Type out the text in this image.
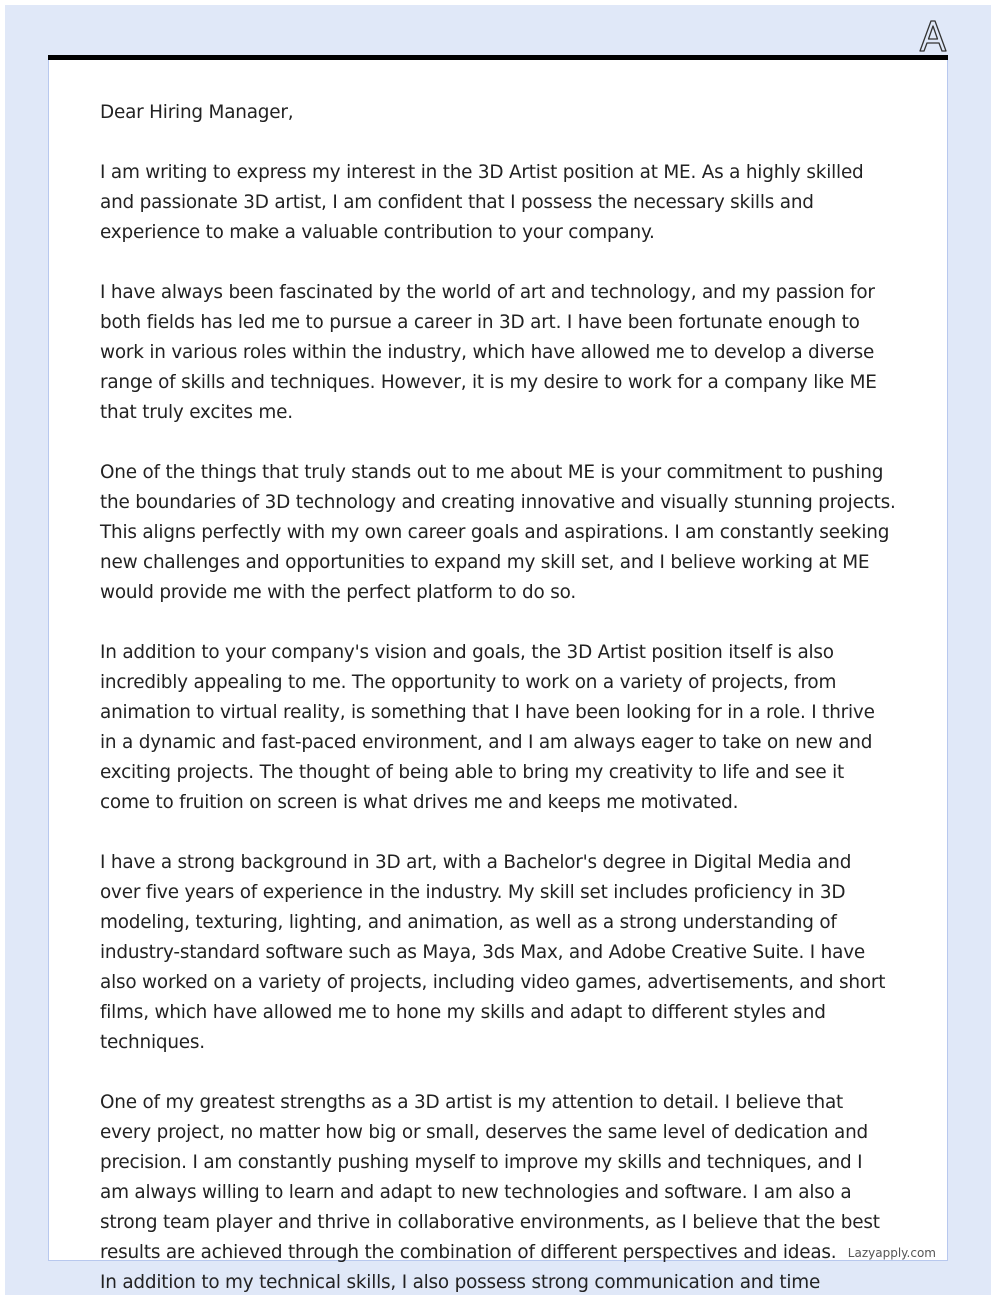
Dear Hiring Manager,

I am writing to express my interest in the 3D Artist position at ME. As a highly skilled and passionate 3D artist, I am confident that I possess the necessary skills and experience to make a valuable contribution to your company.

I have always been fascinated by the world of art and technology, and my passion for both fields has led me to pursue a career in 3D art. I have been fortunate enough to work in various roles within the industry, which have allowed me to develop a diverse range of skills and techniques. However, it is my desire to work for a company like ME that truly excites me.

One of the things that truly stands out to me about ME is your commitment to pushing the boundaries of 3D technology and creating innovative and visually stunning projects. This aligns perfectly with my own career goals and aspirations. I am constantly seeking new challenges and opportunities to expand my skill set, and I believe working at ME would provide me with the perfect platform to do so.

In addition to your company's vision and goals, the 3D Artist position itself is also incredibly appealing to me. The opportunity to work on a variety of projects, from animation to virtual reality, is something that I have been looking for in a role. I thrive in a dynamic and fast-paced environment, and I am always eager to take on new and exciting projects. The thought of being able to bring my creativity to life and see it come to fruition on screen is what drives me and keeps me motivated.

I have a strong background in 3D art, with a Bachelor's degree in Digital Media and over five years of experience in the industry. My skill set includes proficiency in 3D modeling, texturing, lighting, and animation, as well as a strong understanding of industry-standard software such as Maya, 3ds Max, and Adobe Creative Suite. I have also worked on a variety of projects, including video games, advertisements, and short films, which have allowed me to hone my skills and adapt to different styles and techniques.

One of my greatest strengths as a 3D artist is my attention to detail. I believe that every project, no matter how big or small, deserves the same level of dedication and precision. I am constantly pushing myself to improve my skills and techniques, and I am always willing to learn and adapt to new technologies and software. I am also a strong team player and thrive in collaborative environments, as I believe that the best results are achieved through the combination of different perspectives and ideas. Lazyapply.com
In addition to my technical skills, I also possess strong communication and time
